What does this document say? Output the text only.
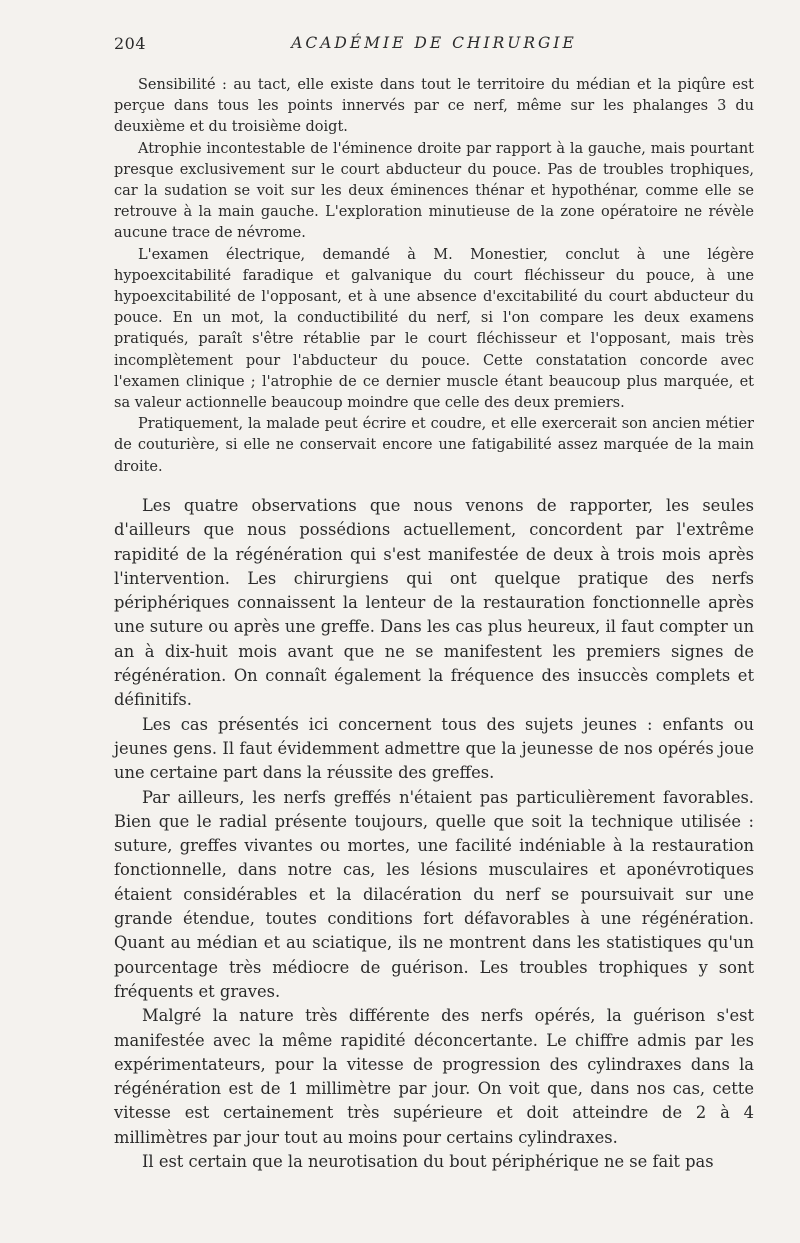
204	ACADÉMIE DE CHIRURGIE

Sensibilité : au tact, elle existe dans tout le territoire du médian et la piqûre est perçue dans tous les points innervés par ce nerf, même sur les phalanges 3 du deuxième et du troisième doigt.

Atrophie incontestable de l'éminence droite par rapport à la gauche, mais pourtant presque exclusivement sur le court abducteur du pouce. Pas de troubles trophiques, car la sudation se voit sur les deux éminences thénar et hypothénar, comme elle se retrouve à la main gauche. L'exploration minutieuse de la zone opératoire ne révèle aucune trace de névrome.

L'examen électrique, demandé à M. Monestier, conclut à une légère hypoexcitabilité faradique et galvanique du court fléchisseur du pouce, à une hypoexcitabilité de l'opposant, et à une absence d'excitabilité du court abducteur du pouce. En un mot, la conductibilité du nerf, si l'on compare les deux examens pratiqués, paraît s'être rétablie par le court fléchisseur et l'opposant, mais très incomplètement pour l'abducteur du pouce. Cette constatation concorde avec l'examen clinique ; l'atrophie de ce dernier muscle étant beaucoup plus marquée, et sa valeur actionnelle beaucoup moindre que celle des deux premiers.

Pratiquement, la malade peut écrire et coudre, et elle exercerait son ancien métier de couturière, si elle ne conservait encore une fatigabilité assez marquée de la main droite.

Les quatre observations que nous venons de rapporter, les seules d'ailleurs que nous possédions actuellement, concordent par l'extrême rapidité de la régénération qui s'est manifestée de deux à trois mois après l'intervention. Les chirurgiens qui ont quelque pratique des nerfs périphériques connaissent la lenteur de la restauration fonctionnelle après une suture ou après une greffe. Dans les cas plus heureux, il faut compter un an à dix-huit mois avant que ne se manifestent les premiers signes de régénération. On connaît également la fréquence des insuccès complets et définitifs.

Les cas présentés ici concernent tous des sujets jeunes : enfants ou jeunes gens. Il faut évidemment admettre que la jeunesse de nos opérés joue une certaine part dans la réussite des greffes.

Par ailleurs, les nerfs greffés n'étaient pas particulièrement favorables. Bien que le radial présente toujours, quelle que soit la technique utilisée : suture, greffes vivantes ou mortes, une facilité indéniable à la restauration fonctionnelle, dans notre cas, les lésions musculaires et aponévrotiques étaient considérables et la dilacération du nerf se poursuivait sur une grande étendue, toutes conditions fort défavorables à une régénération. Quant au médian et au sciatique, ils ne montrent dans les statistiques qu'un pourcentage très médiocre de guérison. Les troubles trophiques y sont fréquents et graves.

Malgré la nature très différente des nerfs opérés, la guérison s'est manifestée avec la même rapidité déconcertante. Le chiffre admis par les expérimentateurs, pour la vitesse de progression des cylindraxes dans la régénération est de 1 millimètre par jour. On voit que, dans nos cas, cette vitesse est certainement très supérieure et doit atteindre de 2 à 4 millimètres par jour tout au moins pour certains cylindraxes.

Il est certain que la neurotisation du bout périphérique ne se fait pas
